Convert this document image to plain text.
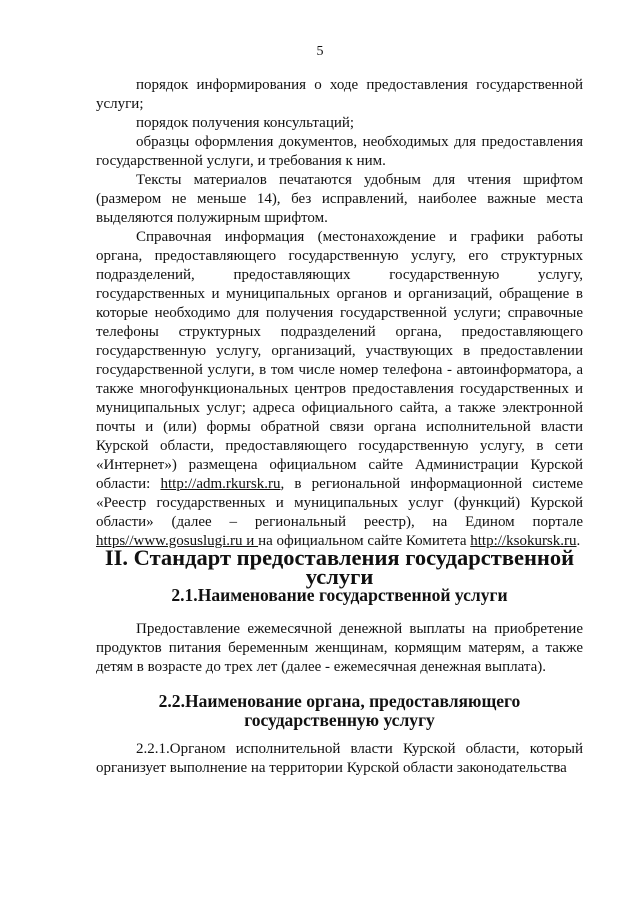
5

порядок информирования о ходе предоставления государственной услуги;

порядок получения консультаций;

образцы оформления документов, необходимых для предоставления государственной услуги, и требования к ним.

Тексты материалов печатаются удобным для чтения шрифтом (размером не меньше 14), без исправлений, наиболее важные места выделяются полужирным шрифтом.

Справочная информация (местонахождение и графики работы органа, предоставляющего государственную услугу, его структурных подразделений, предоставляющих государственную услугу, государственных и муниципальных органов и организаций, обращение в которые необходимо для получения государственной услуги; справочные телефоны структурных подразделений органа, предоставляющего государственную услугу, организаций, участвующих в предоставлении государственной услуги, в том числе номер телефона - автоинформатора, а также многофункциональных центров предоставления государственных и муниципальных услуг; адреса официального сайта, а также электронной почты и (или) формы обратной связи органа исполнительной власти Курской области, предоставляющего государственную услугу, в сети «Интернет») размещена официальном сайте Администрации Курской области: http://adm.rkursk.ru, в региональной информационной системе «Реестр государственных и муниципальных услуг (функций) Курской области» (далее – региональный реестр), на Едином портале https//www.gosuslugi.ru и на официальном сайте Комитета http://ksokursk.ru.

II. Стандарт предоставления государственной услуги
2.1.Наименование государственной услуги

Предоставление ежемесячной денежной выплаты на приобретение продуктов питания беременным женщинам, кормящим матерям, а также детям в возрасте до трех лет (далее - ежемесячная денежная выплата).

2.2.Наименование органа, предоставляющего государственную услугу

2.2.1.Органом исполнительной власти Курской области, который организует выполнение на территории Курской области законодательства
